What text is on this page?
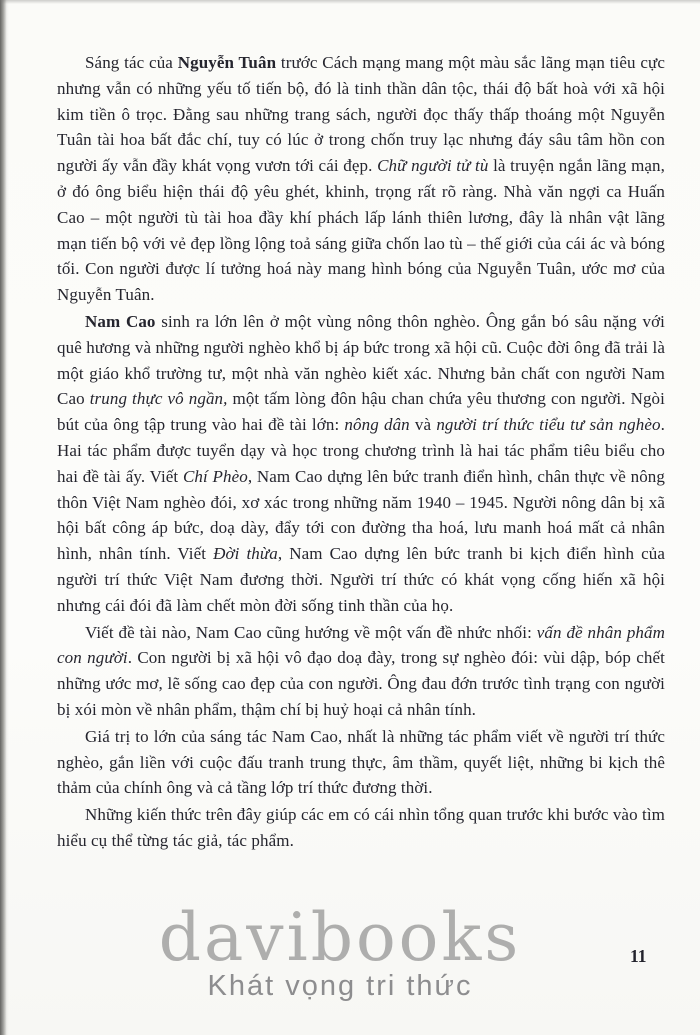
Sáng tác của Nguyễn Tuân trước Cách mạng mang một màu sắc lãng mạn tiêu cực nhưng vẫn có những yếu tố tiến bộ, đó là tinh thần dân tộc, thái độ bất hoà với xã hội kim tiền ô trọc. Đằng sau những trang sách, người đọc thấy thấp thoáng một Nguyễn Tuân tài hoa bất đắc chí, tuy có lúc ở trong chốn truy lạc nhưng đáy sâu tâm hồn con người ấy vẫn đầy khát vọng vươn tới cái đẹp. Chữ người tử tù là truyện ngắn lãng mạn, ở đó ông biểu hiện thái độ yêu ghét, khinh, trọng rất rõ ràng. Nhà văn ngợi ca Huấn Cao – một người tù tài hoa đầy khí phách lấp lánh thiên lương, đây là nhân vật lãng mạn tiến bộ với vẻ đẹp lồng lộng toả sáng giữa chốn lao tù – thế giới của cái ác và bóng tối. Con người được lí tưởng hoá này mang hình bóng của Nguyễn Tuân, ước mơ của Nguyễn Tuân.

Nam Cao sinh ra lớn lên ở một vùng nông thôn nghèo. Ông gắn bó sâu nặng với quê hương và những người nghèo khổ bị áp bức trong xã hội cũ. Cuộc đời ông đã trải là một giáo khổ trường tư, một nhà văn nghèo kiết xác. Nhưng bản chất con người Nam Cao trung thực vô ngần, một tấm lòng đôn hậu chan chứa yêu thương con người. Ngòi bút của ông tập trung vào hai đề tài lớn: nông dân và người trí thức tiểu tư sản nghèo. Hai tác phẩm được tuyển dạy và học trong chương trình là hai tác phẩm tiêu biểu cho hai đề tài ấy. Viết Chí Phèo, Nam Cao dựng lên bức tranh điển hình, chân thực về nông thôn Việt Nam nghèo đói, xơ xác trong những năm 1940 – 1945. Người nông dân bị xã hội bất công áp bức, doạ dày, đẩy tới con đường tha hoá, lưu manh hoá mất cả nhân hình, nhân tính. Viết Đời thừa, Nam Cao dựng lên bức tranh bi kịch điển hình của người trí thức Việt Nam đương thời. Người trí thức có khát vọng cống hiến xã hội nhưng cái đói đã làm chết mòn đời sống tinh thần của họ.

Viết đề tài nào, Nam Cao cũng hướng về một vấn đề nhức nhối: vấn đề nhân phẩm con người. Con người bị xã hội vô đạo doạ đày, trong sự nghèo đói: vùi dập, bóp chết những ước mơ, lẽ sống cao đẹp của con người. Ông đau đớn trước tình trạng con người bị xói mòn về nhân phẩm, thậm chí bị huỷ hoại cả nhân tính.

Giá trị to lớn của sáng tác Nam Cao, nhất là những tác phẩm viết về người trí thức nghèo, gắn liền với cuộc đấu tranh trung thực, âm thầm, quyết liệt, những bi kịch thê thảm của chính ông và cả tầng lớp trí thức đương thời.

Những kiến thức trên đây giúp các em có cái nhìn tổng quan trước khi bước vào tìm hiểu cụ thể từng tác giả, tác phẩm.

11
davibooks
Khát vọng tri thức
